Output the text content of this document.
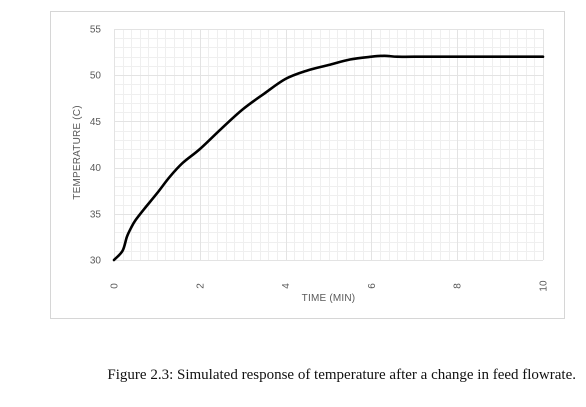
30
35
40
45
50
55
0	2	4	6	8	10
TIME (MIN)
TEMPERATURE (C)
Figure 2.3: Simulated response of temperature after a change in feed flowrate.
